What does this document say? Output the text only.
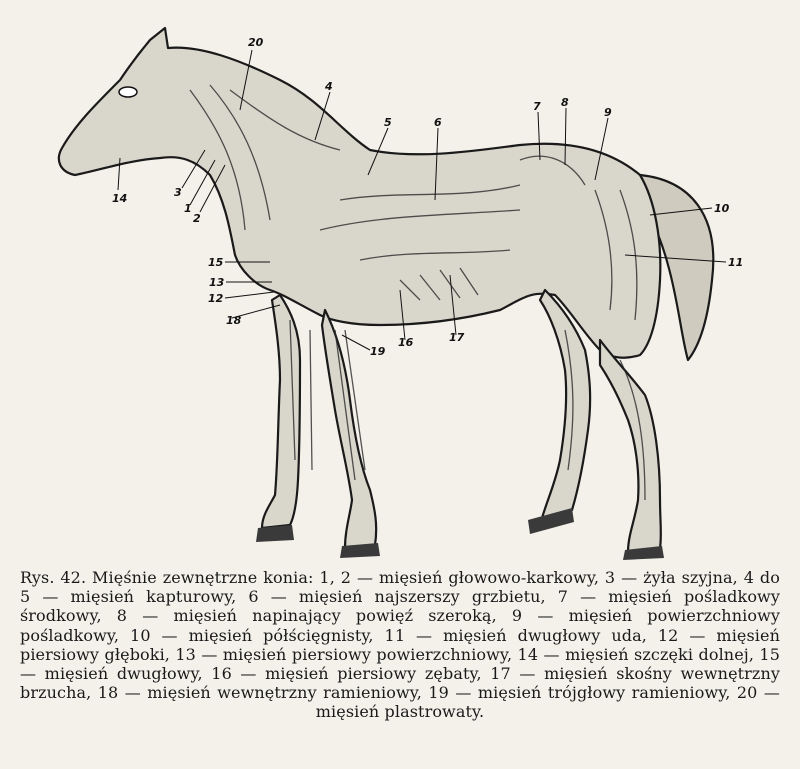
20
4
5	6
7 8
9
10
11
1
2
3
14
15
13
12
18
19
16	17
Rys. 42. Mięśnie zewnętrzne konia: 1, 2 — mięsień głowowo-karkowy, 3 — żyła szyjna, 4 do 5 — mięsień kapturowy, 6 — mięsień najszerszy grzbietu, 7 — mięsień pośladkowy środkowy, 8 — mięsień napinający powięź szeroką, 9 — mięsień powierzchniowy pośladkowy, 10 — mięsień półścięgnisty, 11 — mięsień dwugłowy uda, 12 — mięsień piersiowy głęboki, 13 — mięsień piersiowy powierzchniowy, 14 — mięsień szczęki dolnej, 15 — mięsień dwugłowy, 16 — mięsień piersiowy zębaty, 17 — mięsień skośny wewnętrzny brzucha, 18 — mięsień wewnętrzny ramieniowy, 19 — mięsień trójgłowy ramieniowy, 20 — mięsień plastrowaty.
